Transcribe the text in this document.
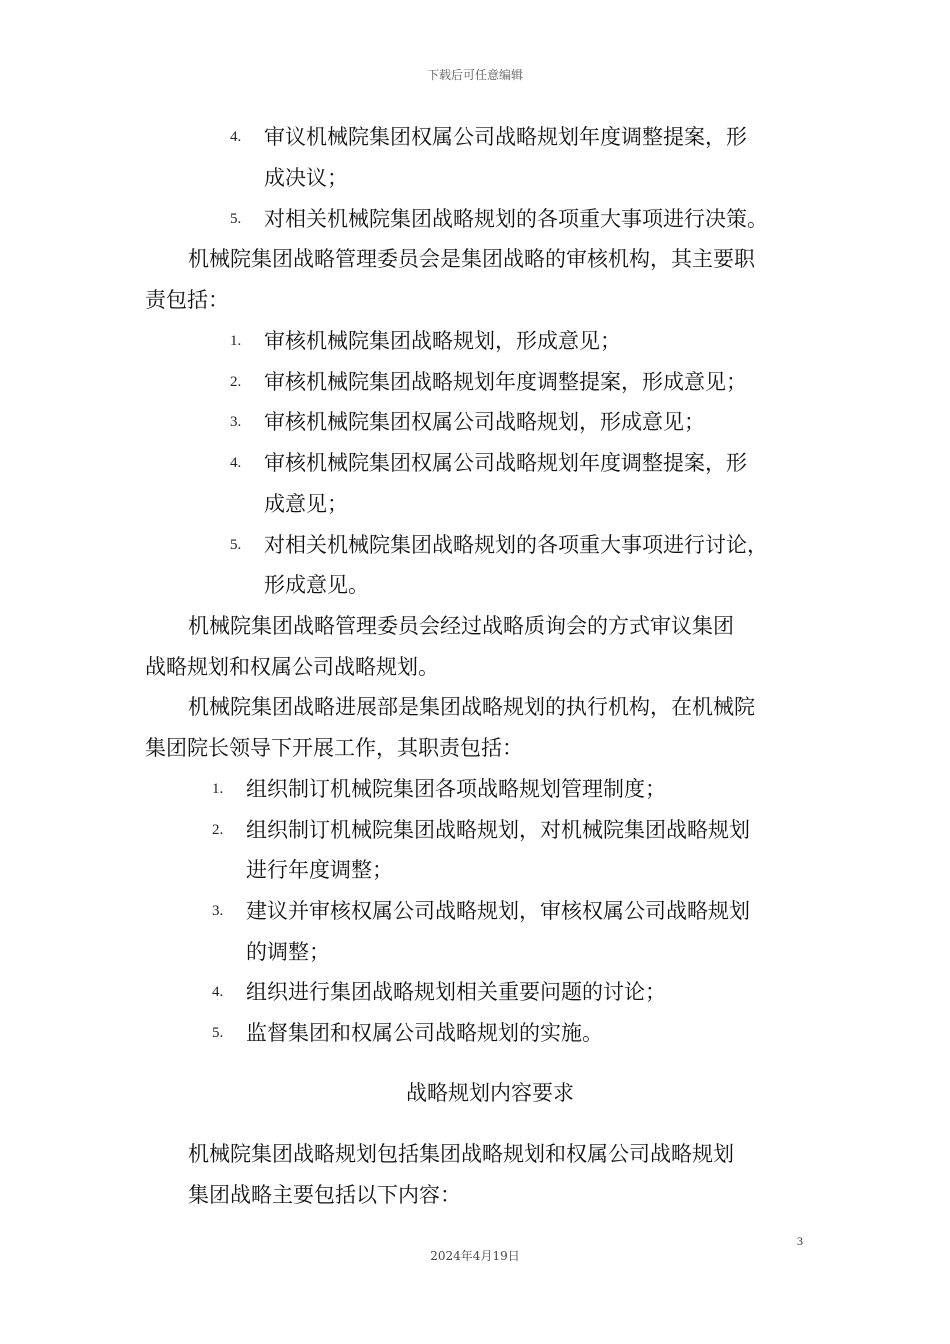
下载后可任意编辑
4. 审议机械院集团权属公司战略规划年度调整提案，形
成决议；
5. 对相关机械院集团战略规划的各项重大事项进行决策。
机械院集团战略管理委员会是集团战略的审核机构，其主要职
责包括：
1. 审核机械院集团战略规划，形成意见；
2. 审核机械院集团战略规划年度调整提案，形成意见；
3. 审核机械院集团权属公司战略规划，形成意见；
4. 审核机械院集团权属公司战略规划年度调整提案，形
成意见；
5. 对相关机械院集团战略规划的各项重大事项进行讨论，
形成意见。
机械院集团战略管理委员会经过战略质询会的方式审议集团
战略规划和权属公司战略规划。
机械院集团战略进展部是集团战略规划的执行机构，在机械院
集团院长领导下开展工作，其职责包括：
1. 组织制订机械院集团各项战略规划管理制度；
2. 组织制订机械院集团战略规划，对机械院集团战略规划
进行年度调整；
3. 建议并审核权属公司战略规划，审核权属公司战略规划
的调整；
4. 组织进行集团战略规划相关重要问题的讨论；
5. 监督集团和权属公司战略规划的实施。
战略规划内容要求
机械院集团战略规划包括集团战略规划和权属公司战略规划
集团战略主要包括以下内容：
3
2024年4月19日
